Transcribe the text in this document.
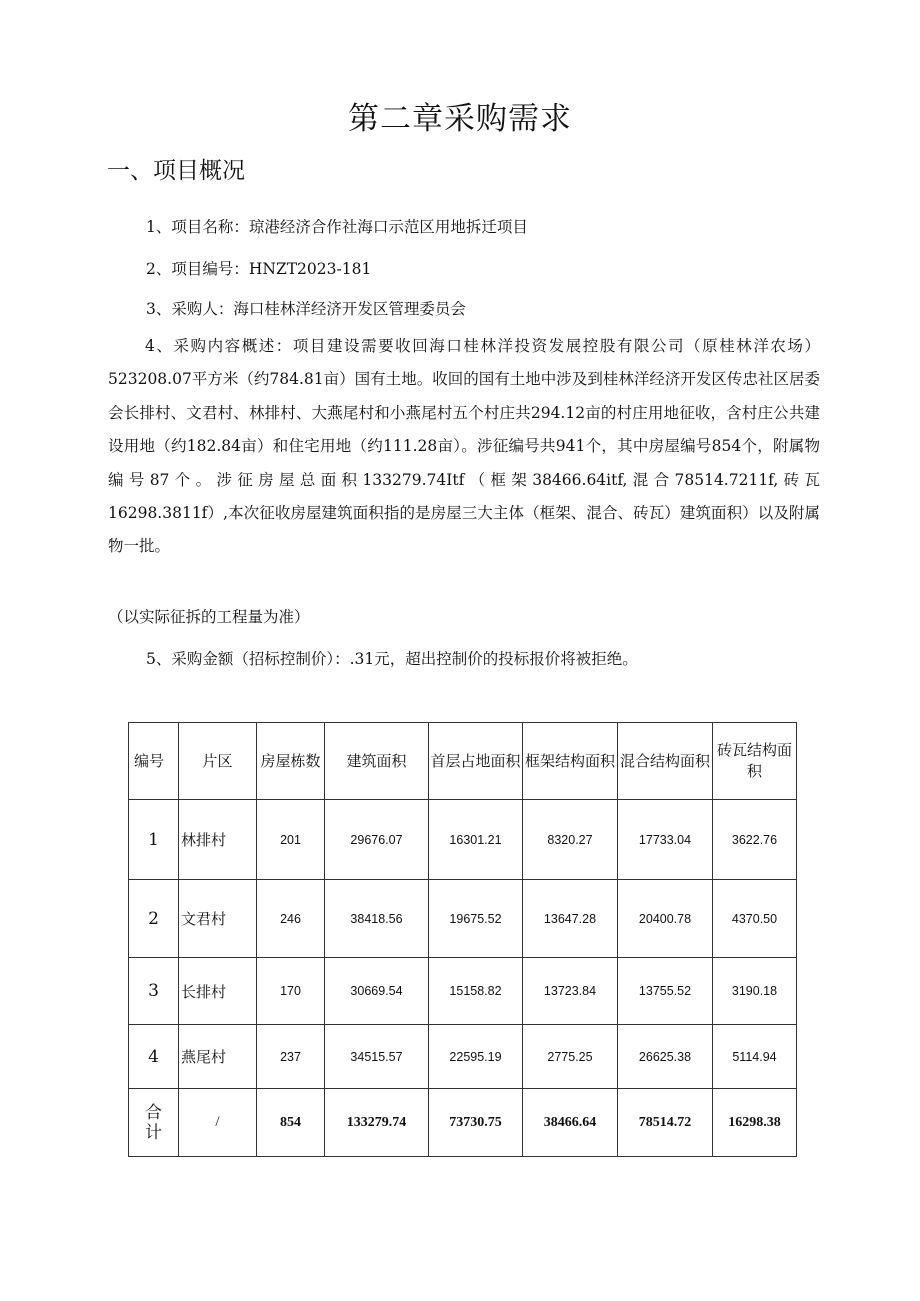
第二章采购需求
一、项目概况
1、项目名称：琼港经济合作社海口示范区用地拆迁项目
2、项目编号：HNZT2023-181
3、采购人：海口桂林洋经济开发区管理委员会
4、采购内容概述：项目建设需要收回海口桂林洋投资发展控股有限公司（原桂林洋农场）523208.07平方米（约784.81亩）国有土地。收回的国有土地中涉及到桂林洋经济开发区传忠社区居委会长排村、文君村、林排村、大燕尾村和小燕尾村五个村庄共294.12亩的村庄用地征收，含村庄公共建设用地（约182.84亩）和住宅用地（约111.28亩）。涉征编号共941个，其中房屋编号854个，附属物编号87个。涉征房屋总面积133279.74Itf（框架38466.64itf,混合78514.7211f,砖瓦16298.3811f）,本次征收房屋建筑面积指的是房屋三大主体（框架、混合、砖瓦）建筑面积）以及附属物一批。
（以实际征拆的工程量为准）
5、采购金额（招标控制价）：.31元，超出控制价的投标报价将被拒绝。
编号	片区	房屋栋数	建筑面积	首层占地面积	框架结构面积	混合结构面积	砖瓦结构面积
1	林排村	201	29676.07	16301.21	8320.27	17733.04	3622.76
2	文君村	246	38418.56	19675.52	13647.28	20400.78	4370.50
3	长排村	170	30669.54	15158.82	13723.84	13755.52	3190.18
4	燕尾村	237	34515.57	22595.19	2775.25	26625.38	5114.94
合计	/	854	133279.74	73730.75	38466.64	78514.72	16298.38
